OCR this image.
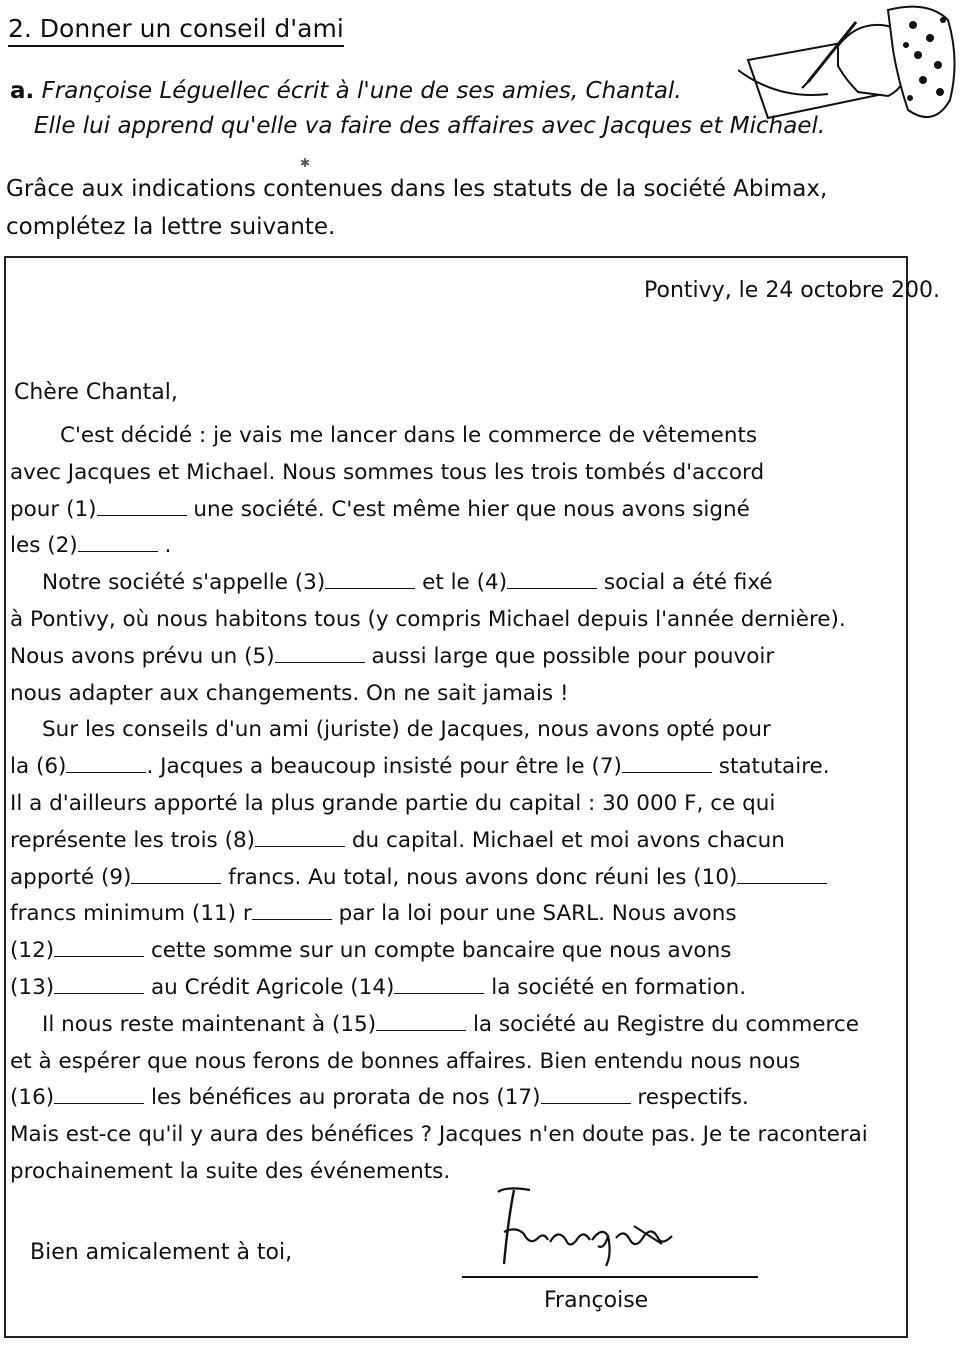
2. Donner un conseil d'ami
a. Françoise Léguellec écrit à l'une de ses amies, Chantal.
Elle lui apprend qu'elle va faire des affaires avec Jacques et Michael.
✱
Grâce aux indications contenues dans les statuts de la société Abimax,
complétez la lettre suivante.
Pontivy, le 24 octobre 200.
Chère Chantal,

C'est décidé : je vais me lancer dans le commerce de vêtements

avec Jacques et Michael. Nous sommes tous les trois tombés d'accord

pour (1)	une société. C'est même hier que nous avons signé

les (2)	.

Notre société s'appelle (3)	et le (4)	social a été fixé

à Pontivy, où nous habitons tous (y compris Michael depuis l'année dernière).

Nous avons prévu un (5)	aussi large que possible pour pouvoir

nous adapter aux changements. On ne sait jamais !

Sur les conseils d'un ami (juriste) de Jacques, nous avons opté pour

la (6)	. Jacques a beaucoup insisté pour être le (7)	statutaire.

Il a d'ailleurs apporté la plus grande partie du capital : 30 000 F, ce qui

représente les trois (8)	du capital. Michael et moi avons chacun

apporté (9)	francs. Au total, nous avons donc réuni les (10)

francs minimum (11) r	par la loi pour une SARL. Nous avons

(12)	cette somme sur un compte bancaire que nous avons

(13)	au Crédit Agricole (14)	la société en formation.

Il nous reste maintenant à (15)	la société au Registre du commerce

et à espérer que nous ferons de bonnes affaires. Bien entendu nous nous

(16)	les bénéfices au prorata de nos (17)	respectifs.

Mais est-ce qu'il y aura des bénéfices ? Jacques n'en doute pas. Je te raconterai

prochainement la suite des événements.

Bien amicalement à toi,
Françoise
